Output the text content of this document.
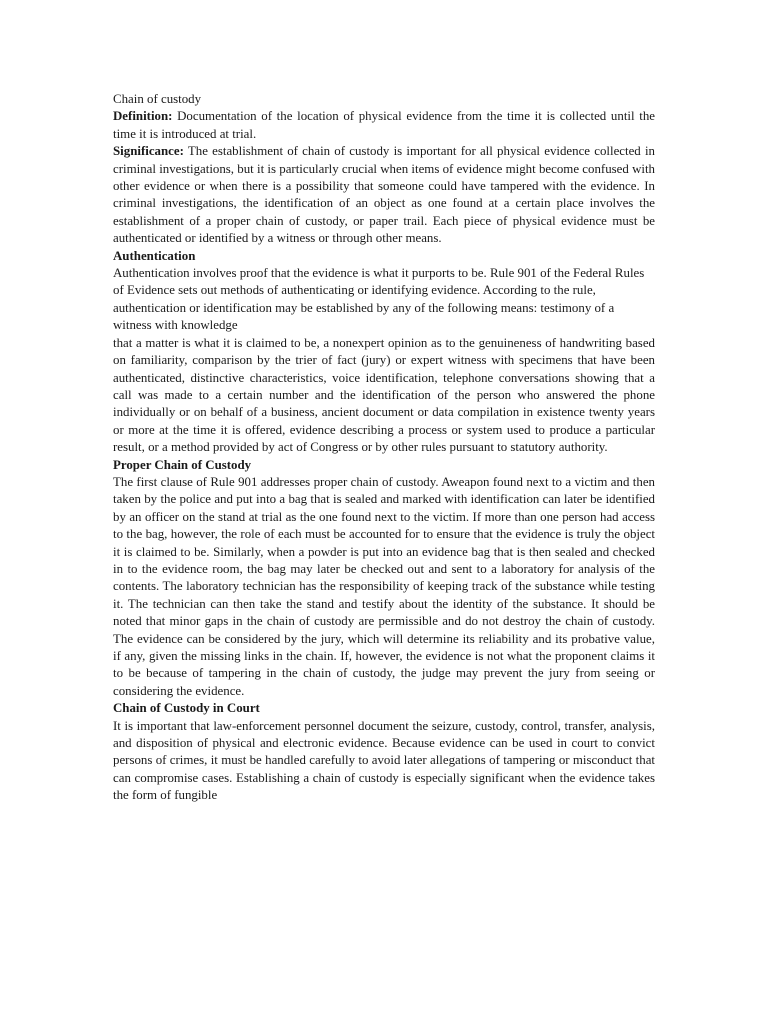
Chain of custody

Definition: Documentation of the location of physical evidence from the time it is collected until the time it is introduced at trial.

Significance: The establishment of chain of custody is important for all physical evidence collected in criminal investigations, but it is particularly crucial when items of evidence might become confused with other evidence or when there is a possibility that someone could have tampered with the evidence. In criminal investigations, the identification of an object as one found at a certain place involves the establishment of a proper chain of custody, or paper trail. Each piece of physical evidence must be authenticated or identified by a witness or through other means.

Authentication

Authentication involves proof that the evidence is what it purports to be. Rule 901 of the Federal Rules of Evidence sets out methods of authenticating or identifying evidence. According to the rule, authentication or identification may be established by any of the following means: testimony of a witness with knowledge

that a matter is what it is claimed to be, a nonexpert opinion as to the genuineness of handwriting based on familiarity, comparison by the trier of fact (jury) or expert witness with specimens that have been authenticated, distinctive characteristics, voice identification, telephone conversations showing that a call was made to a certain number and the identification of the person who answered the phone individually or on behalf of a business, ancient document or data compilation in existence twenty years or more at the time it is offered, evidence describing a process or system used to produce a particular result, or a method provided by act of Congress or by other rules pursuant to statutory authority.

Proper Chain of Custody

The first clause of Rule 901 addresses proper chain of custody. Aweapon found next to a victim and then taken by the police and put into a bag that is sealed and marked with identification can later be identified by an officer on the stand at trial as the one found next to the victim. If more than one person had access to the bag, however, the role of each must be accounted for to ensure that the evidence is truly the object it is claimed to be. Similarly, when a powder is put into an evidence bag that is then sealed and checked in to the evidence room, the bag may later be checked out and sent to a laboratory for analysis of the contents. The laboratory technician has the responsibility of keeping track of the substance while testing it. The technician can then take the stand and testify about the identity of the substance. It should be noted that minor gaps in the chain of custody are permissible and do not destroy the chain of custody. The evidence can be considered by the jury, which will determine its reliability and its probative value, if any, given the missing links in the chain. If, however, the evidence is not what the proponent claims it to be because of tampering in the chain of custody, the judge may prevent the jury from seeing or considering the evidence.

Chain of Custody in Court

It is important that law-enforcement personnel document the seizure, custody, control, transfer, analysis, and disposition of physical and electronic evidence. Because evidence can be used in court to convict persons of crimes, it must be handled carefully to avoid later allegations of tampering or misconduct that can compromise cases. Establishing a chain of custody is especially significant when the evidence takes the form of fungible
